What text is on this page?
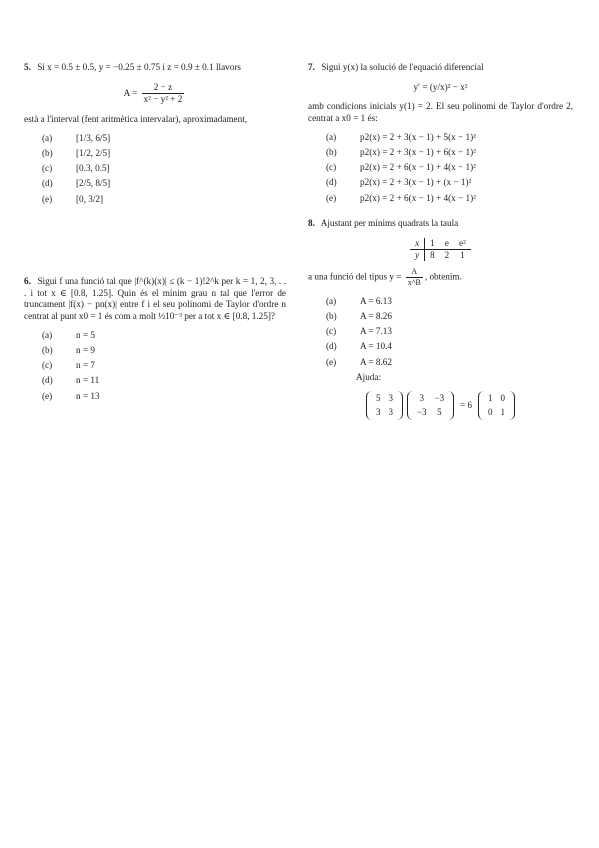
5. Si x = 0.5 ± 0.5, y = −0.25 ± 0.75 i z = 0.9 ± 0.1 llavors

$A = \frac{2 - z}{\text{x² − y² + 2}}$

està a l'interval (fent aritmètica intervalar), aproximadament,

(a)	[1/3, 6/5]
(b)	[1/2, 2/5]
(c)	[0.3, 0.5]
(d)	[2/5, 8/5]
(e)	[0, 3/2]

6. Sigui f una funció tal que |f^(k)(x)| ≤ (k − 1)!2^k per k = 1, 2, 3, . . . i tot x ∈ [0.8, 1.25]. Quin és el mínim grau n tal que l'error de truncament |f(x) − pn(x)| entre f i el seu polinomi de Taylor d'ordre n centrat al punt x0 = 1 és com a molt ½10⁻³ per a tot x ∈ [0.8, 1.25]?

(a)	n = 5
(b)	n = 9
(c)	n = 7
(d)	n = 11
(e)	n = 13

7. Sigui y(x) la solució de l'equació diferencial

y′ = (y/x)² − x²

amb condicions inicials y(1) = 2. El seu polinomi de Taylor d'ordre 2, centrat a x0 = 1 és:

(a)	p2(x) = 2 + 3(x − 1) + 5(x − 1)²
(b)	p2(x) = 2 + 3(x − 1) + 6(x − 1)²
(c)	p2(x) = 2 + 6(x − 1) + 4(x − 1)²
(d)	p2(x) = 2 + 3(x − 1) + (x − 1)²
(e)	p2(x) = 2 + 6(x − 1) + 4(x − 1)²

8. Ajustant per mínims quadrats la taula

x	1	e	e²
y	8	2	1

a una funció del tipus $y = \frac{A}{x\^{}B}$ , obtenim.

(a)	A = 6.13
(b)	A = 8.26
(c)	A = 7.13
(d)	A = 10.4
(e)	A = 8.62
Ajuda:
5	3
3	3
3	−3
−3	5
= 6
1	0
0	1
